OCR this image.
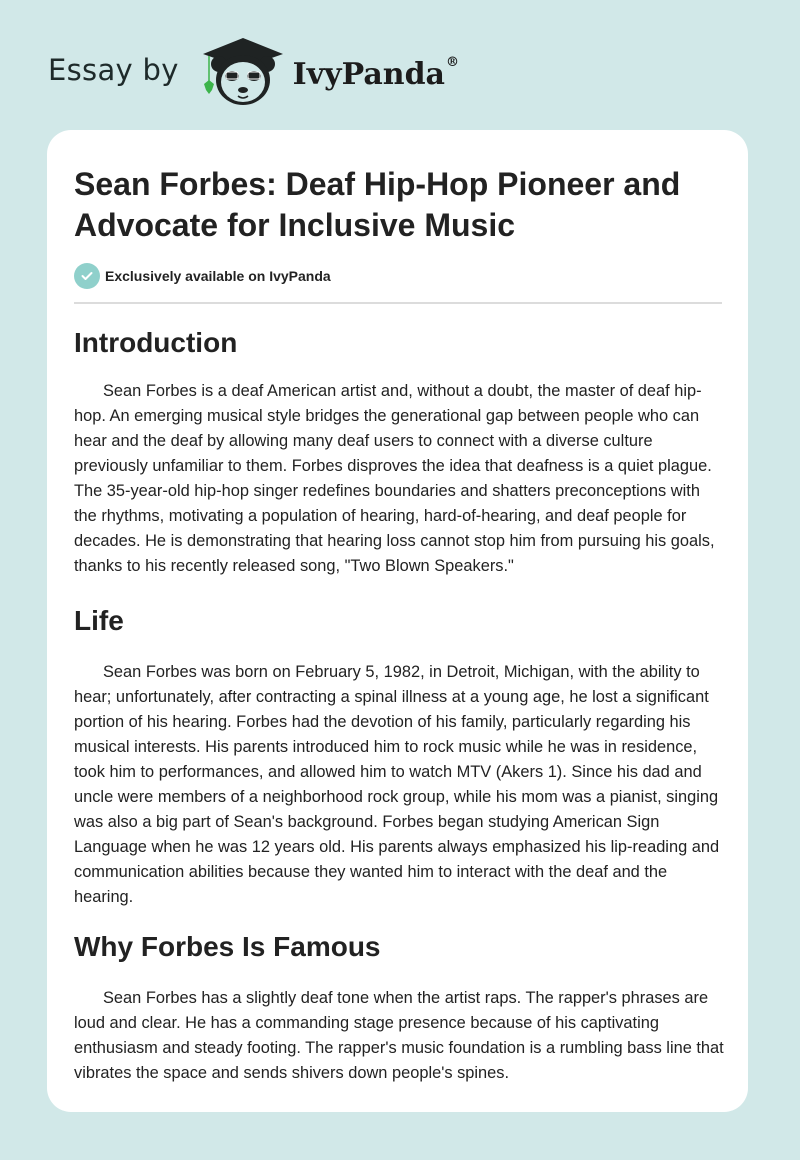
Essay by	IvyPanda®
Sean Forbes: Deaf Hip-Hop Pioneer and Advocate for Inclusive Music
Exclusively available on IvyPanda
Introduction

Sean Forbes is a deaf American artist and, without a doubt, the master of deaf hip-hop. An emerging musical style bridges the generational gap between people who can hear and the deaf by allowing many deaf users to connect with a diverse culture previously unfamiliar to them. Forbes disproves the idea that deafness is a quiet plague. The 35-year-old hip-hop singer redefines boundaries and shatters preconceptions with the rhythms, motivating a population of hearing, hard-of-hearing, and deaf people for decades. He is demonstrating that hearing loss cannot stop him from pursuing his goals, thanks to his recently released song, "Two Blown Speakers."

Life

Sean Forbes was born on February 5, 1982, in Detroit, Michigan, with the ability to hear; unfortunately, after contracting a spinal illness at a young age, he lost a significant portion of his hearing. Forbes had the devotion of his family, particularly regarding his musical interests. His parents introduced him to rock music while he was in residence, took him to performances, and allowed him to watch MTV (Akers 1). Since his dad and uncle were members of a neighborhood rock group, while his mom was a pianist, singing was also a big part of Sean's background. Forbes began studying American Sign Language when he was 12 years old. His parents always emphasized his lip-reading and communication abilities because they wanted him to interact with the deaf and the hearing.

Why Forbes Is Famous

Sean Forbes has a slightly deaf tone when the artist raps. The rapper's phrases are loud and clear. He has a commanding stage presence because of his captivating enthusiasm and steady footing. The rapper's music foundation is a rumbling bass line that vibrates the space and sends shivers down people's spines.
